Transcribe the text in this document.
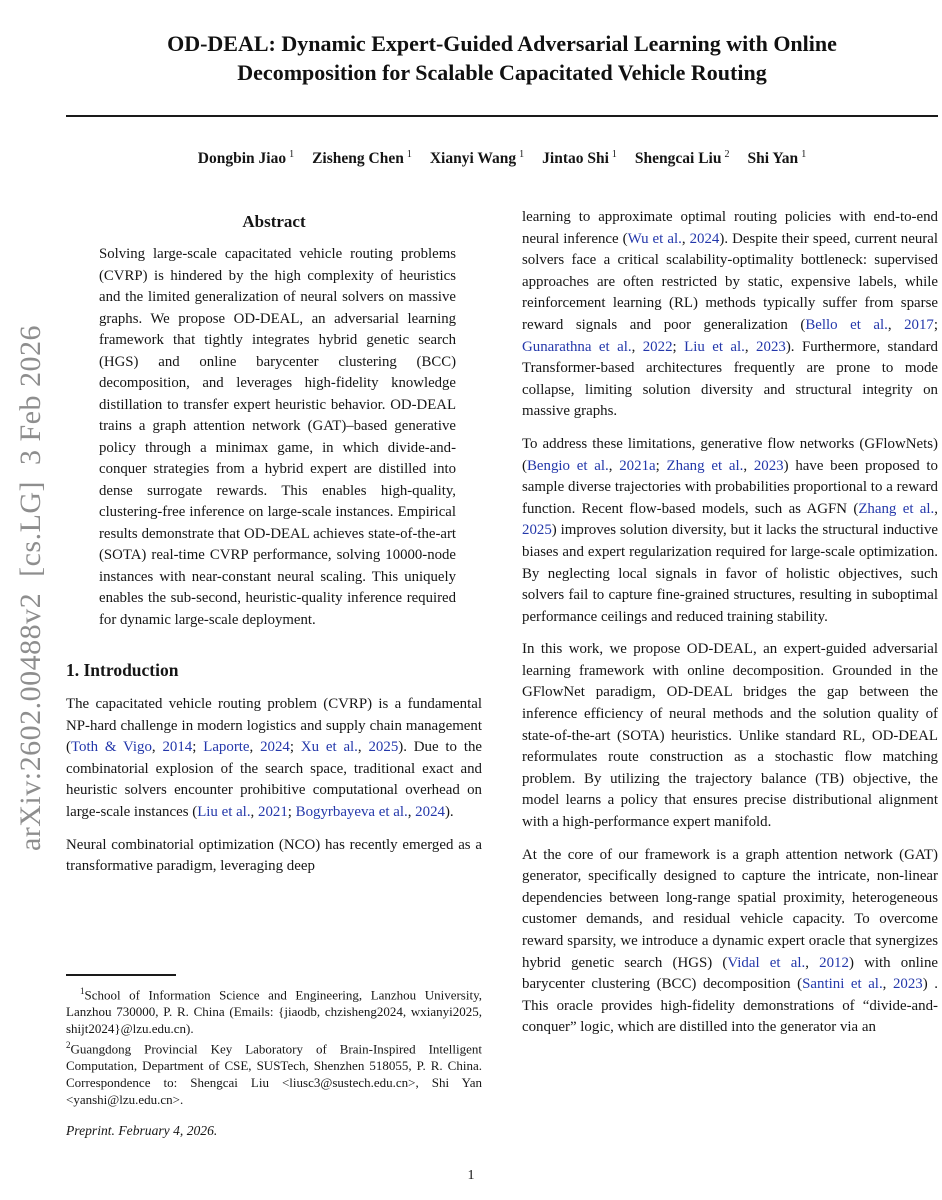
arXiv:2602.00488v2  [cs.LG]  3 Feb 2026
OD-DEAL: Dynamic Expert-Guided Adversarial Learning with Online
Decomposition for Scalable Capacitated Vehicle Routing
Dongbin Jiao $^1$ Zisheng Chen $^1$ Xianyi Wang $^1$ Jintao Shi $^1$ Shengcai Liu $^2$ Shi Yan $^1$
Abstract
Solving large-scale capacitated vehicle routing problems (CVRP) is hindered by the high complexity of heuristics and the limited generalization of neural solvers on massive graphs. We propose OD-DEAL, an adversarial learning framework that tightly integrates hybrid genetic search (HGS) and online barycenter clustering (BCC) decomposition, and leverages high-fidelity knowledge distillation to transfer expert heuristic behavior. OD-DEAL trains a graph attention network (GAT)–based generative policy through a minimax game, in which divide-and-conquer strategies from a hybrid expert are distilled into dense surrogate rewards. This enables high-quality, clustering-free inference on large-scale instances. Empirical results demonstrate that OD-DEAL achieves state-of-the-art (SOTA) real-time CVRP performance, solving 10000-node instances with near-constant neural scaling. This uniquely enables the sub-second, heuristic-quality inference required for dynamic large-scale deployment.
1. Introduction
The capacitated vehicle routing problem (CVRP) is a fundamental NP-hard challenge in modern logistics and supply chain management (Toth & Vigo, 2014; Laporte, 2024; Xu et al., 2025). Due to the combinatorial explosion of the search space, traditional exact and heuristic solvers encounter prohibitive computational overhead on large-scale instances (Liu et al., 2021; Bogyrbayeva et al., 2024).
Neural combinatorial optimization (NCO) has recently emerged as a transformative paradigm, leveraging deep
learning to approximate optimal routing policies with end-to-end neural inference (Wu et al., 2024). Despite their speed, current neural solvers face a critical scalability-optimality bottleneck: supervised approaches are often restricted by static, expensive labels, while reinforcement learning (RL) methods typically suffer from sparse reward signals and poor generalization (Bello et al., 2017; Gunarathna et al., 2022; Liu et al., 2023). Furthermore, standard Transformer-based architectures frequently are prone to mode collapse, limiting solution diversity and structural integrity on massive graphs.
To address these limitations, generative flow networks (GFlowNets) (Bengio et al., 2021a; Zhang et al., 2023) have been proposed to sample diverse trajectories with probabilities proportional to a reward function. Recent flow-based models, such as AGFN (Zhang et al., 2025) improves solution diversity, but it lacks the structural inductive biases and expert regularization required for large-scale optimization. By neglecting local signals in favor of holistic objectives, such solvers fail to capture fine-grained structures, resulting in suboptimal performance ceilings and reduced training stability.
In this work, we propose OD-DEAL, an expert-guided adversarial learning framework with online decomposition. Grounded in the GFlowNet paradigm, OD-DEAL bridges the gap between the inference efficiency of neural methods and the solution quality of state-of-the-art (SOTA) heuristics. Unlike standard RL, OD-DEAL reformulates route construction as a stochastic flow matching problem. By utilizing the trajectory balance (TB) objective, the model learns a policy that ensures precise distributional alignment with a high-performance expert manifold.
At the core of our framework is a graph attention network (GAT) generator, specifically designed to capture the intricate, non-linear dependencies between long-range spatial proximity, heterogeneous customer demands, and residual vehicle capacity. To overcome reward sparsity, we introduce a dynamic expert oracle that synergizes hybrid genetic search (HGS) (Vidal et al., 2012) with online barycenter clustering (BCC) decomposition (Santini et al., 2023) . This oracle provides high-fidelity demonstrations of “divide-and-conquer” logic, which are distilled into the generator via an
$^1$School of Information Science and Engineering, Lanzhou University, Lanzhou 730000, P. R. China (Emails: {jiaodb, chzisheng2024, wxianyi2025, shijt2024}@lzu.edu.cn).
$^2$Guangdong Provincial Key Laboratory of Brain-Inspired Intelligent Computation, Department of CSE, SUSTech, Shenzhen 518055, P. R. China. Correspondence to: Shengcai Liu <liusc3@sustech.edu.cn>, Shi Yan <yanshi@lzu.edu.cn>.
Preprint. February 4, 2026.
1
